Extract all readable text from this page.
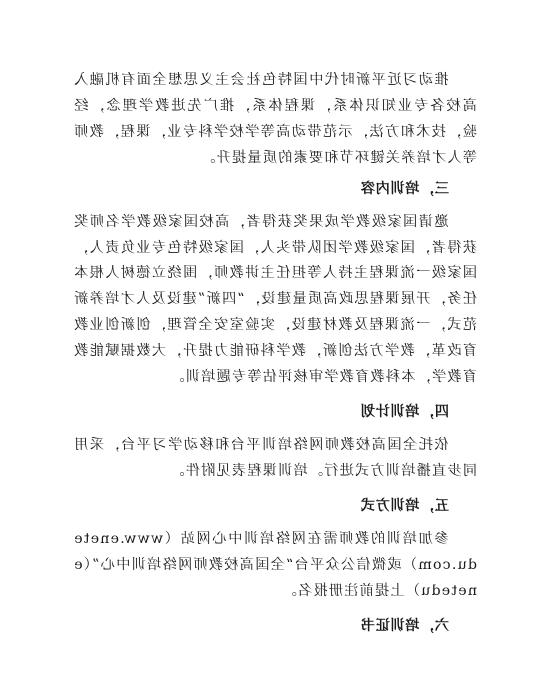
推动习近平新时代中国特色社会主义思想全面有机融入高校各专业知识体系，课程体系，推广先进教学理念，经验，技术和方法，示范带动高等学校学科专业，课程，教师等人才培养关键环节和要素的质量提升。

三，培训内容

邀请国家级教学成果奖获得者，高校国家级教学名师奖获得者，国家级教学团队带头人，国家级特色专业负责人，国家级一流课程主持人等担任主讲教师，围绕立德树人根本任务，开展课程思政高质量建设，“四新”建设及人才培养新范式，一流课程及教材建设，实验室安全管理，创新创业教育改革，教学方法创新，教学科研能力提升，大数据赋能教育教学，本科教育教学审核评估等专题培训。

四，培训计划

依托全国高校教师网络培训平台和移动学习平台，采用同步直播培训方式进行。培训课程表见附件。

五，培训方式

参加培训的教师需在网络培训中心网站（www.enetedu.com）或微信公众平台“全国高校教师网络培训中心”（enetedu）上提前注册报名。

六，培训证书
